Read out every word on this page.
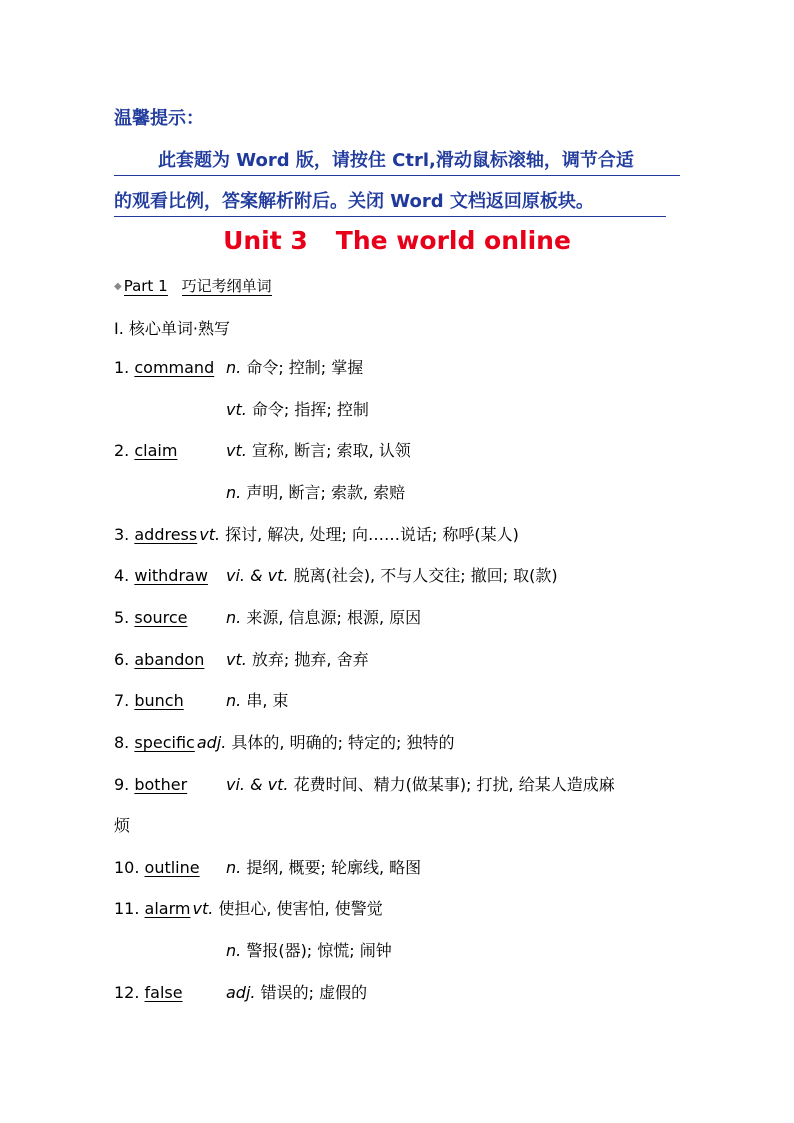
温馨提示：
此套题为 Word 版，请按住 Ctrl,滑动鼠标滚轴，调节合适
的观看比例，答案解析附后。关闭 Word 文档返回原板块。
Unit 3 The world online
◆ Part 1 巧记考纲单词
Ⅰ. 核心单词·熟写
1. command n. 命令; 控制; 掌握
vt. 命令; 指挥; 控制
2. claim	vt. 宣称, 断言; 索取, 认领
n. 声明, 断言; 索款, 索赔
3. address vt. 探讨, 解决, 处理; 向……说话; 称呼(某人)
4. withdraw vi. & vt. 脱离(社会), 不与人交往; 撤回; 取(款)
5. source n. 来源, 信息源; 根源, 原因
6. abandon vt. 放弃; 抛弃, 舍弃
7. bunch	n. 串, 束
8. specific adj. 具体的, 明确的; 特定的; 独特的
9. bother vi. & vt. 花费时间、精力(做某事); 打扰, 给某人造成麻
烦
10. outline n. 提纲, 概要; 轮廓线, 略图
11. alarm vt. 使担心, 使害怕, 使警觉
n. 警报(器); 惊慌; 闹钟
12. false	adj. 错误的; 虚假的
